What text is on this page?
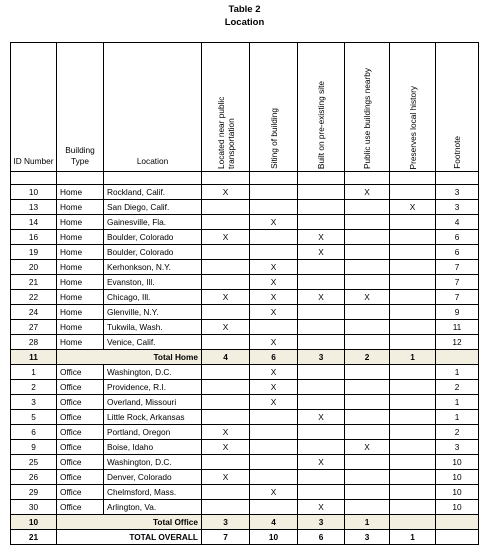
Table 2
Location
ID Number	Building Type	Location	Located near public transportation	Siting of building	Built on pre-existing site	Public use buildings nearby	Preserves local history	Footnote

10	Home	Rockland, Calif.	X			X		3
13	Home	San Diego, Calif.					X	3
14	Home	Gainesville, Fla.		X				4
16	Home	Boulder, Colorado	X		X			6
19	Home	Boulder, Colorado			X			6
20	Home	Kerhonkson, N.Y.		X				7
21	Home	Evanston, Ill.		X				7
22	Home	Chicago, Ill.	X	X	X	X		7
24	Home	Glenville, N.Y.		X				9
27	Home	Tukwila, Wash.	X					11
28	Home	Venice, Calif.		X				12
11	Total Home		4	6	3	2	1	
1	Office	Washington, D.C.		X				1
2	Office	Providence, R.I.		X				2
3	Office	Overland, Missouri		X				1
5	Office	Little Rock, Arkansas			X			1
6	Office	Portland, Oregon	X					2
9	Office	Boise, Idaho	X			X		3
25	Office	Washington, D.C.			X			10
26	Office	Denver, Colorado	X					10
29	Office	Chelmsford, Mass.		X				10
30	Office	Arlington, Va.			X			10
10	Total Office		3	4	3	1		
21	TOTAL OVERALL		7	10	6	3	1	
